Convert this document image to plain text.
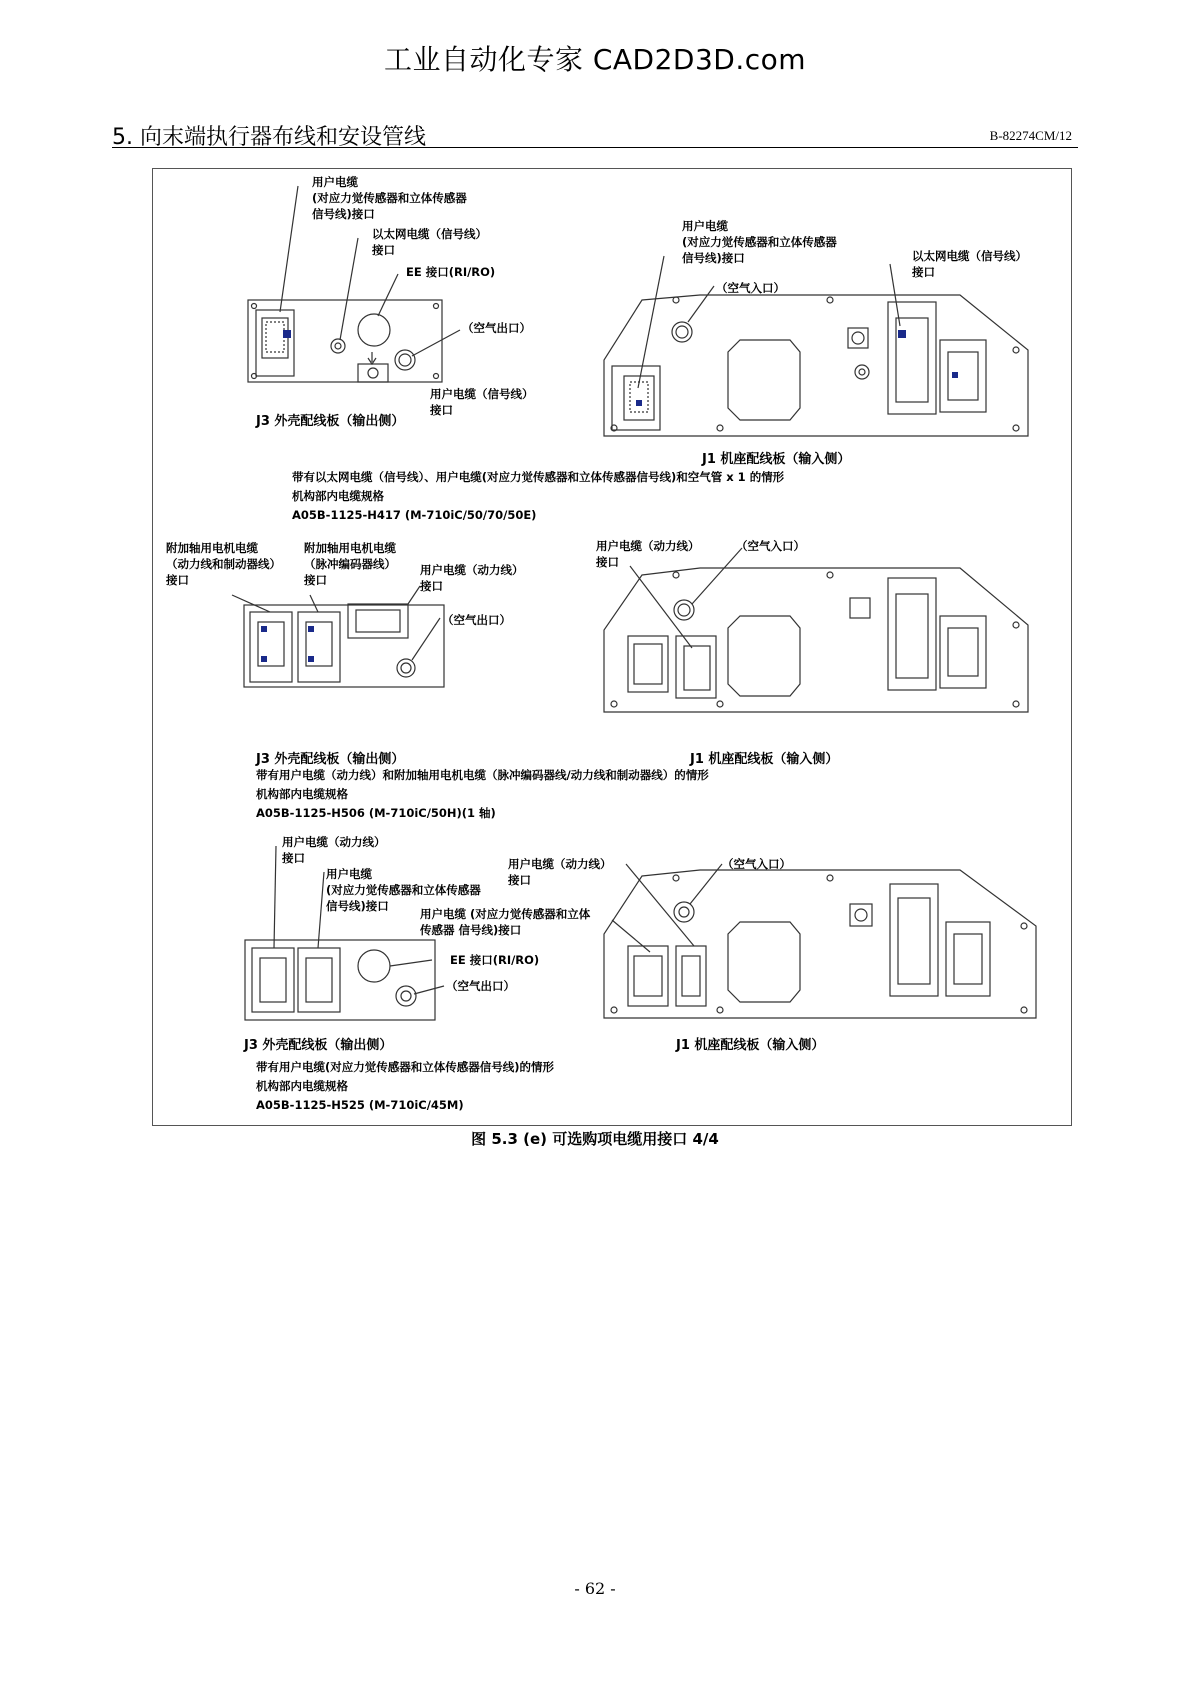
工业自动化专家 CAD2D3D.com
5. 向末端执行器布线和安设管线	B-82274CM/12
用户电缆
(对应力觉传感器和立体传感器
信号线)接口
以太网电缆（信号线）
接口
EE 接口(RI/RO)
（空气出口）
用户电缆（信号线）
接口
J3 外壳配线板（输出侧）
用户电缆
(对应力觉传感器和立体传感器
信号线)接口
（空气入口）
以太网电缆（信号线）
接口
J1 机座配线板（输入侧）
带有以太网电缆（信号线）、用户电缆(对应力觉传感器和立体传感器信号线)和空气管 x 1 的情形
机构部内电缆规格
A05B-1125-H417 (M-710iC/50/70/50E)
附加轴用电机电缆
（动力线和制动器线）
接口
附加轴用电机电缆
（脉冲编码器线）
接口
用户电缆（动力线）
接口
（空气出口）
用户电缆（动力线）
接口
（空气入口）
J3 外壳配线板（输出侧）	J1 机座配线板（输入侧）
带有用户电缆（动力线）和附加轴用电机电缆（脉冲编码器线/动力线和制动器线）的情形
机构部内电缆规格
A05B-1125-H506 (M-710iC/50H)(1 轴)
用户电缆（动力线）
接口
用户电缆
(对应力觉传感器和立体传感器
信号线)接口
EE 接口(RI/RO)
（空气出口）
用户电缆（动力线）
接口
（空气入口）
用户电缆 (对应力觉传感器和立体
传感器 信号线)接口
J3 外壳配线板（输出侧）	J1 机座配线板（输入侧）
带有用户电缆(对应力觉传感器和立体传感器信号线)的情形
机构部内电缆规格
A05B-1125-H525 (M-710iC/45M)
图 5.3 (e) 可选购项电缆用接口 4/4
- 62 -
